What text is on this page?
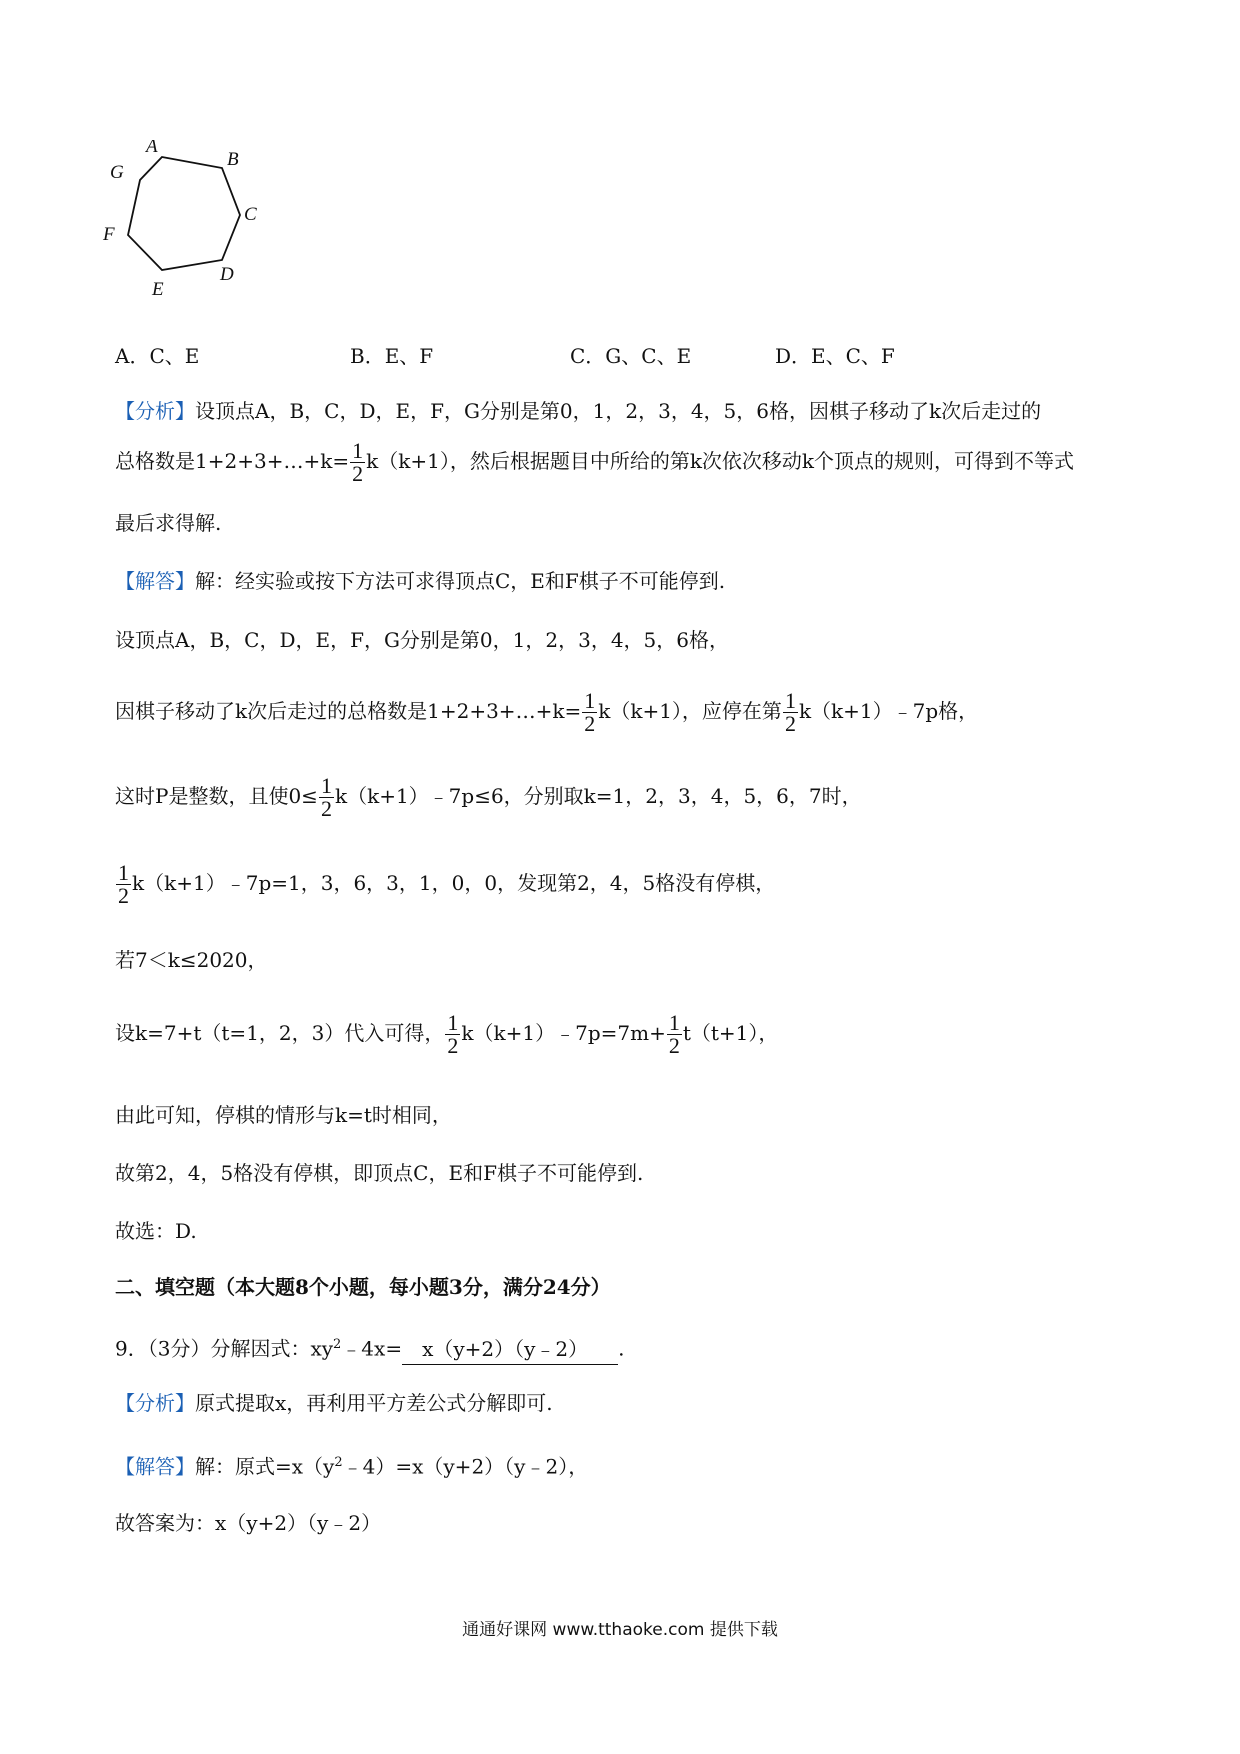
A
B
C
D
E
F
G
A．C、E	B．E、F	C．G、C、E	D．E、C、F
【分析】设顶点A，B，C，D，E，F，G分别是第0，1，2，3，4，5，6格，因棋子移动了k次后走过的
总格数是1+2+3+…+k= $\frac{1}{2} k(k+1)$，然后根据题目中所给的第k次依次移动k个顶点的规则，可得到不等式
最后求得解.
【解答】解：经实验或按下方法可求得顶点C，E和F棋子不可能停到.
设顶点A，B，C，D，E，F，G分别是第0，1，2，3，4，5，6格，
因棋子移动了k次后走过的总格数是1+2+3+…+k= $\frac{1}{2} k(k+1)$，应停在第 $\frac{1}{2}$ k（k+1）﹣7p格，
这时P是整数，且使$0\le \frac{1}{2}$ k（k+1）﹣7p≤6，分别取k=1，2，3，4，5，6，7时，
$\frac{1}{2}$ k（k+1）﹣7p=1，3，6，3，1，0，0，发现第2，4，5格没有停棋，
若7＜k≤2020，
设k=7+t（t=1，2，3）代入可得， $\frac{1}{2}$ k（k+1）﹣7p=7m+ $\frac{1}{2} t(t+1)$，
由此可知，停棋的情形与k=t时相同，
故第2，4，5格没有停棋，即顶点C，E和F棋子不可能停到.
故选：D.
二、填空题（本大题8个小题，每小题3分，满分24分）
9．（3分）分解因式：$xy^2﹣4x=$ x（y+2）（y﹣2） .
【分析】原式提取x，再利用平方差公式分解即可.
【解答】解：原式$=x(y^2﹣4)=x(y+2)(y﹣2)$，
故答案为：x（y+2）（y﹣2）
通通好课网 www.tthaoke.com 提供下载
